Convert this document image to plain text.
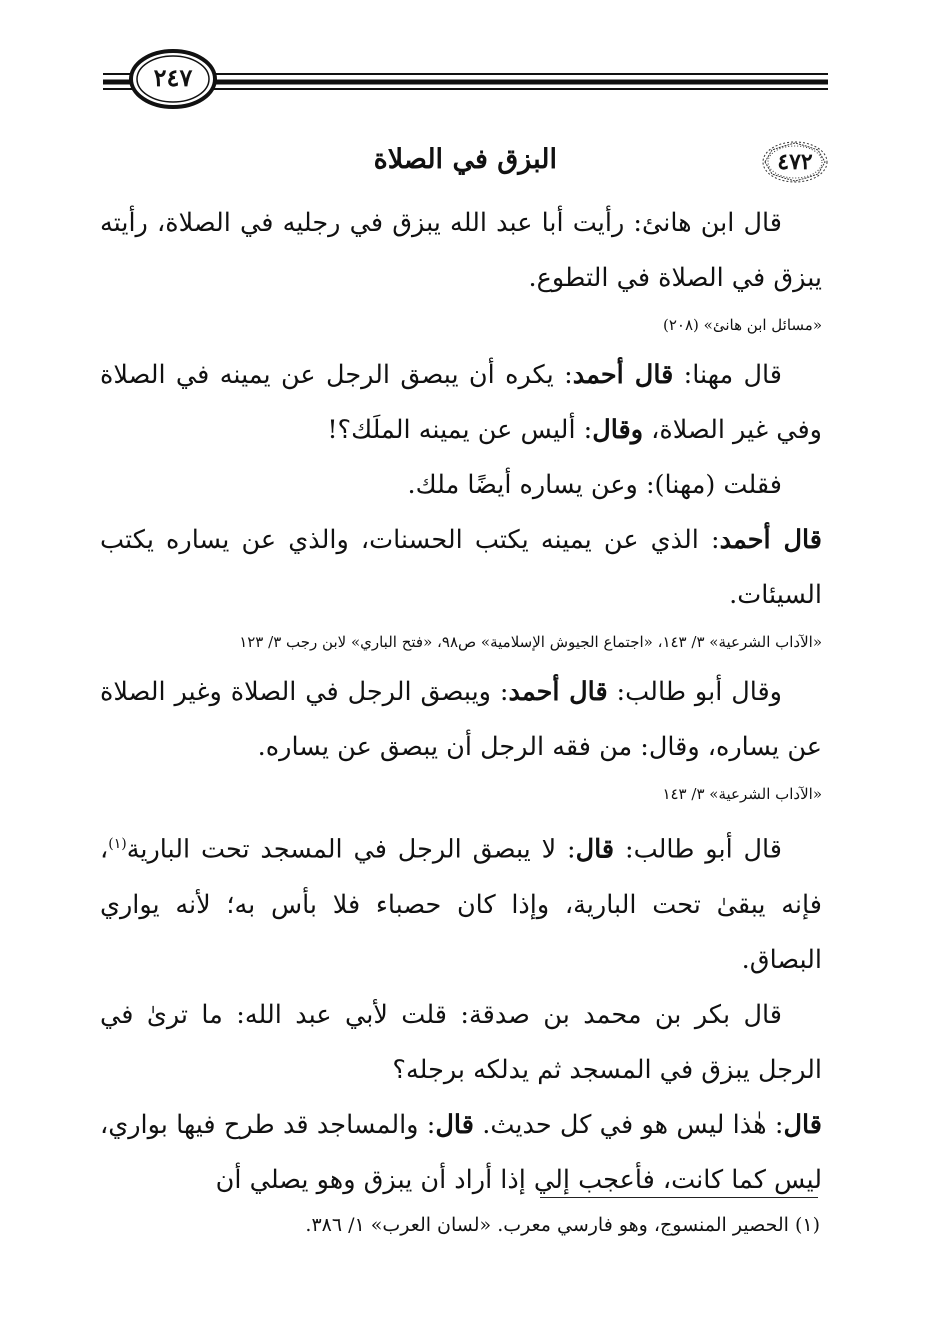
٢٤٧
٤٧٢
البزق في الصلاة

قال ابن هانئ: رأيت أبا عبد الله يبزق في رجليه في الصلاة، رأيته يبزق في الصلاة في التطوع.

«مسائل ابن هانئ» (٢٠٨)

قال مهنا: قال أحمد: يكره أن يبصق الرجل عن يمينه في الصلاة وفي غير الصلاة، وقال: أليس عن يمينه الملَك؟!

فقلت (مهنا): وعن يساره أيضًا ملك.

قال أحمد: الذي عن يمينه يكتب الحسنات، والذي عن يساره يكتب السيئات.

«الآداب الشرعية» ٣/ ١٤٣، «اجتماع الجيوش الإسلامية» ص٩٨، «فتح الباري» لابن رجب ٣/ ١٢٣

وقال أبو طالب: قال أحمد: ويبصق الرجل في الصلاة وغير الصلاة عن يساره، وقال: من فقه الرجل أن يبصق عن يساره.

«الآداب الشرعية» ٣/ ١٤٣

قال أبو طالب: قال: لا يبصق الرجل في المسجد تحت البارية$^{(١)}$، فإنه يبقىٰ تحت البارية، وإذا كان حصباء فلا بأس به؛ لأنه يواري البصاق.

قال بكر بن محمد بن صدقة: قلت لأبي عبد الله: ما ترىٰ في الرجل يبزق في المسجد ثم يدلكه برجله؟

قال: هٰذا ليس هو في كل حديث. قال: والمساجد قد طرح فيها بواري، ليس كما كانت، فأعجب إلي إذا أراد أن يبزق وهو يصلي أن

(١) الحصير المنسوج، وهو فارسي معرب. «لسان العرب» ١/ ٣٨٦.
